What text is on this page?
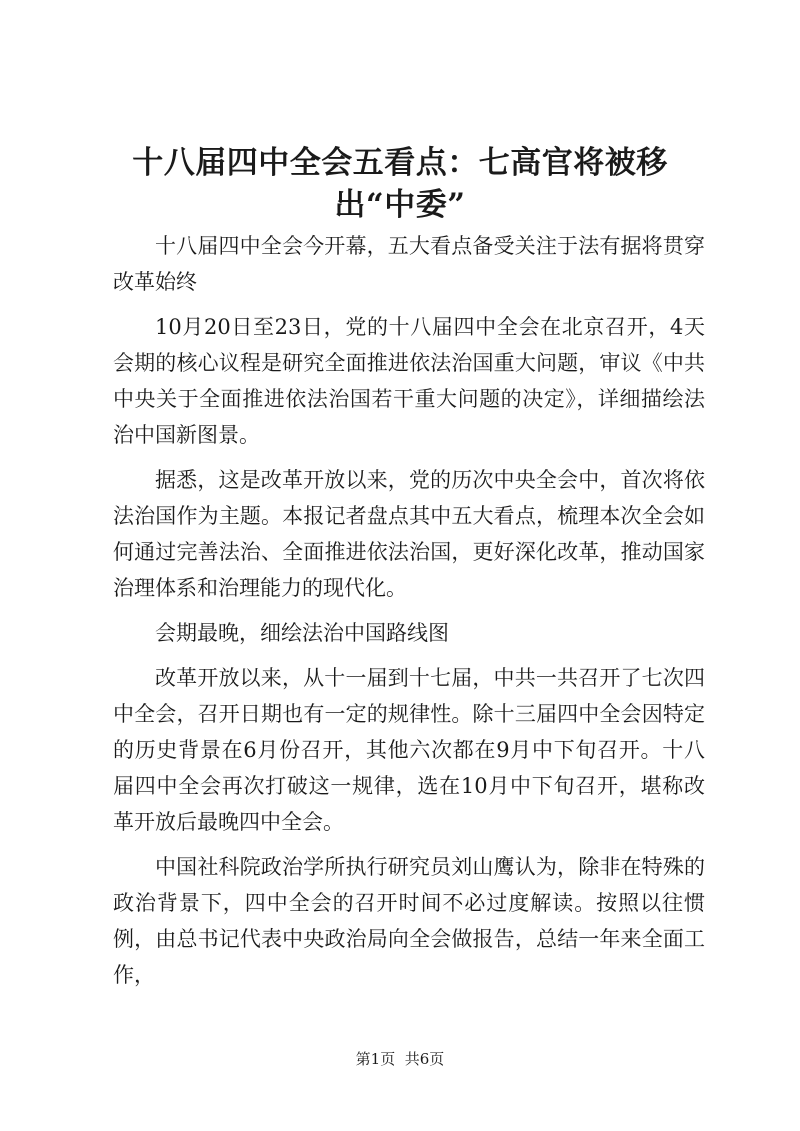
十八届四中全会五看点：七高官将被移出“中委”

十八届四中全会今开幕，五大看点备受关注于法有据将贯穿改革始终

10月20日至23日，党的十八届四中全会在北京召开，4天会期的核心议程是研究全面推进依法治国重大问题，审议《中共中央关于全面推进依法治国若干重大问题的决定》，详细描绘法治中国新图景。

据悉，这是改革开放以来，党的历次中央全会中，首次将依法治国作为主题。本报记者盘点其中五大看点，梳理本次全会如何通过完善法治、全面推进依法治国，更好深化改革，推动国家治理体系和治理能力的现代化。

会期最晚，细绘法治中国路线图

改革开放以来，从十一届到十七届，中共一共召开了七次四中全会，召开日期也有一定的规律性。除十三届四中全会因特定的历史背景在6月份召开，其他六次都在9月中下旬召开。十八届四中全会再次打破这一规律，选在10月中下旬召开，堪称改革开放后最晚四中全会。

中国社科院政治学所执行研究员刘山鹰认为，除非在特殊的政治背景下，四中全会的召开时间不必过度解读。按照以往惯例，由总书记代表中央政治局向全会做报告，总结一年来全面工作，

第1页 共6页
